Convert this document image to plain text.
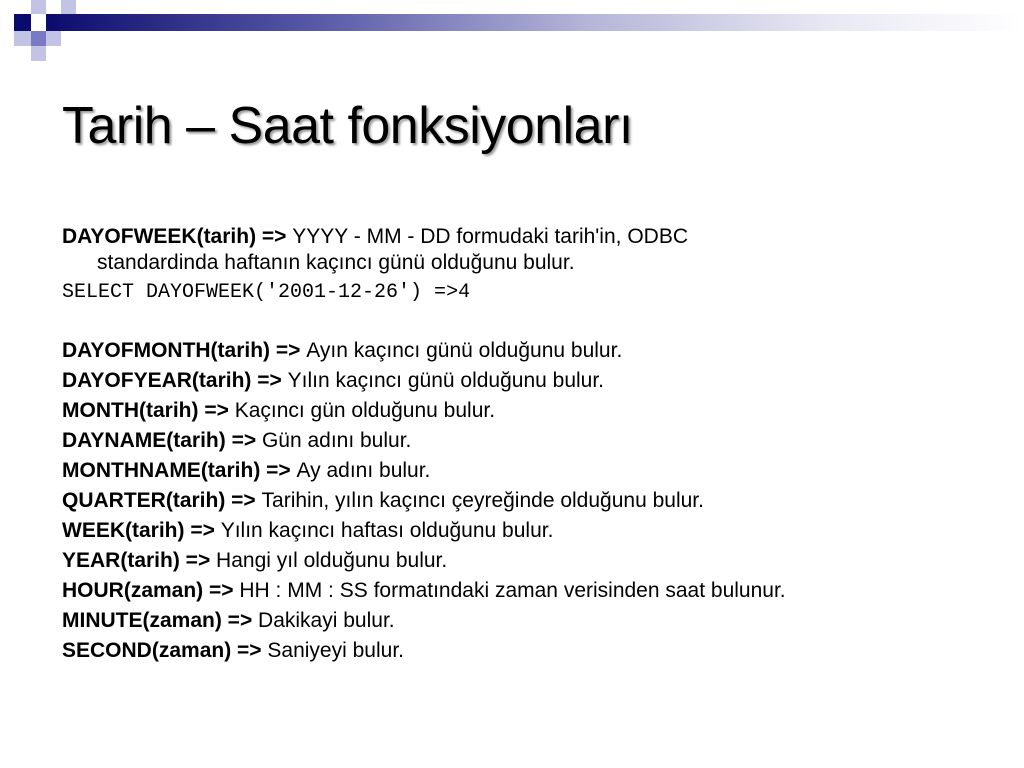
Tarih – Saat fonksiyonları
DAYOFWEEK(tarih) => YYYY - MM - DD formudaki tarih'in, ODBC
standardinda haftanın kaçıncı günü olduğunu bulur.
SELECT DAYOFWEEK('2001-12-26') =>4
DAYOFMONTH(tarih) => Ayın kaçıncı günü olduğunu bulur.
DAYOFYEAR(tarih) => Yılın kaçıncı günü olduğunu bulur.
MONTH(tarih) => Kaçıncı gün olduğunu bulur.
DAYNAME(tarih) => Gün adını bulur.
MONTHNAME(tarih) => Ay adını bulur.
QUARTER(tarih) => Tarihin, yılın kaçıncı çeyreğinde olduğunu bulur.
WEEK(tarih) => Yılın kaçıncı haftası olduğunu bulur.
YEAR(tarih) => Hangi yıl olduğunu bulur.
HOUR(zaman) => HH : MM : SS formatındaki zaman verisinden saat bulunur.
MINUTE(zaman) => Dakikayi bulur.
SECOND(zaman) => Saniyeyi bulur.
